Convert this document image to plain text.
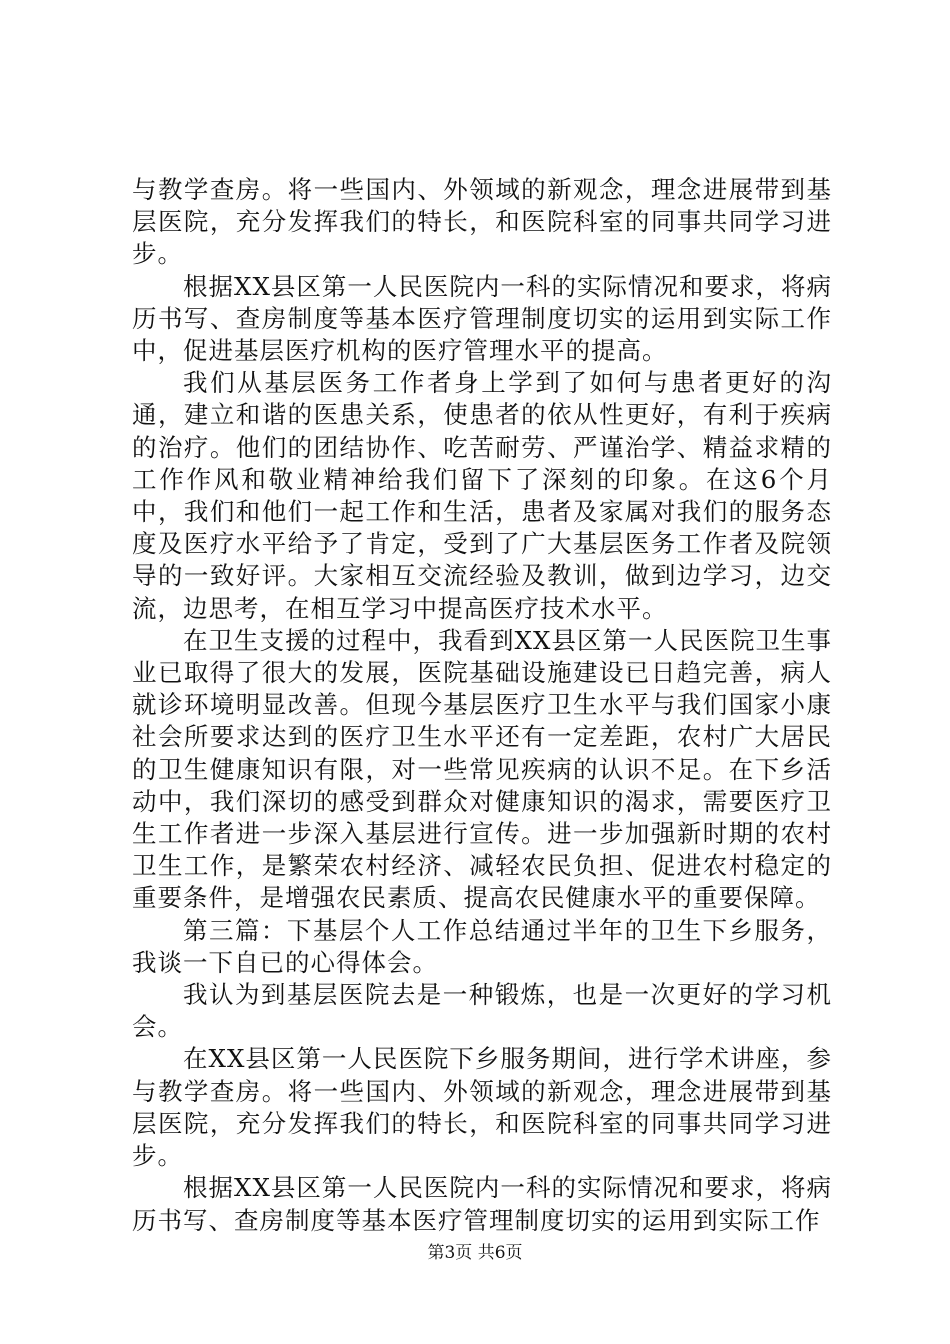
与教学查房。将一些国内、外领域的新观念，理念进展带到基层医院，充分发挥我们的特长，和医院科室的同事共同学习进步。

根据XX县区第一人民医院内一科的实际情况和要求，将病历书写、查房制度等基本医疗管理制度切实的运用到实际工作中，促进基层医疗机构的医疗管理水平的提高。

我们从基层医务工作者身上学到了如何与患者更好的沟通，建立和谐的医患关系，使患者的依从性更好，有利于疾病的治疗。他们的团结协作、吃苦耐劳、严谨治学、精益求精的工作作风和敬业精神给我们留下了深刻的印象。在这6个月中，我们和他们一起工作和生活，患者及家属对我们的服务态度及医疗水平给予了肯定，受到了广大基层医务工作者及院领导的一致好评。大家相互交流经验及教训，做到边学习，边交流，边思考，在相互学习中提高医疗技术水平。

在卫生支援的过程中，我看到XX县区第一人民医院卫生事业已取得了很大的发展，医院基础设施建设已日趋完善，病人就诊环境明显改善。但现今基层医疗卫生水平与我们国家小康社会所要求达到的医疗卫生水平还有一定差距，农村广大居民的卫生健康知识有限，对一些常见疾病的认识不足。在下乡活动中，我们深切的感受到群众对健康知识的渴求，需要医疗卫生工作者进一步深入基层进行宣传。进一步加强新时期的农村卫生工作，是繁荣农村经济、减轻农民负担、促进农村稳定的重要条件，是增强农民素质、提高农民健康水平的重要保障。

第三篇：下基层个人工作总结通过半年的卫生下乡服务，我谈一下自已的心得体会。

我认为到基层医院去是一种锻炼，也是一次更好的学习机会。

在XX县区第一人民医院下乡服务期间，进行学术讲座，参与教学查房。将一些国内、外领域的新观念，理念进展带到基层医院，充分发挥我们的特长，和医院科室的同事共同学习进步。

根据XX县区第一人民医院内一科的实际情况和要求，将病历书写、查房制度等基本医疗管理制度切实的运用到实际工作

第3页 共6页
